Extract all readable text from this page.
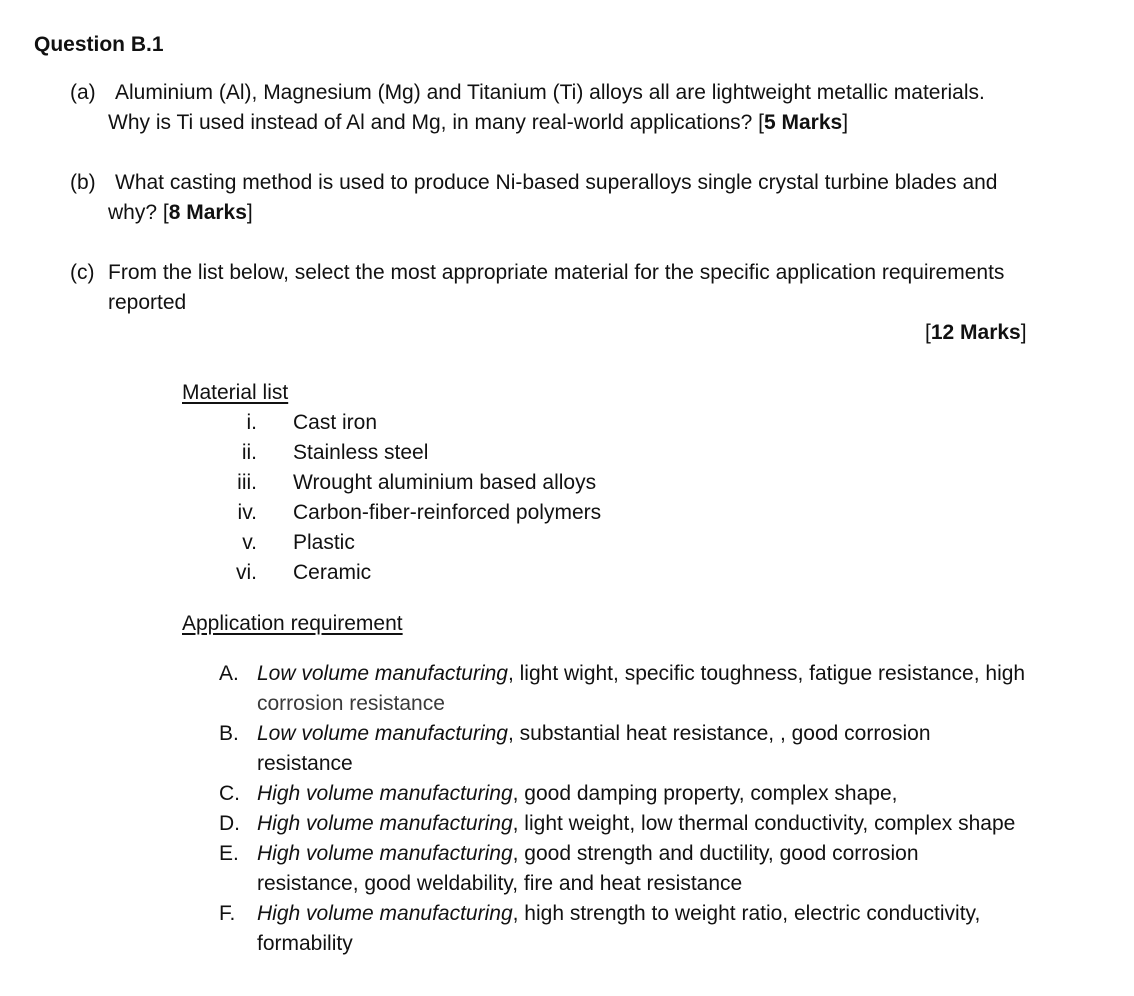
Question B.1
(a) Aluminium (Al), Magnesium (Mg) and Titanium (Ti) alloys all are lightweight metallic materials.
Why is Ti used instead of Al and Mg, in many real-world applications? [5 Marks]
(b) What casting method is used to produce Ni-based superalloys single crystal turbine blades and
why? [8 Marks]
(c) From the list below, select the most appropriate material for the specific application requirements
reported
[12 Marks]
Material list
i. Cast iron
ii. Stainless steel
iii. Wrought aluminium based alloys
iv. Carbon-fiber-reinforced polymers
v. Plastic
vi. Ceramic
Application requirement
A. Low volume manufacturing, light wight, specific toughness, fatigue resistance, high
corrosion resistance
B. Low volume manufacturing, substantial heat resistance, , good corrosion
resistance
C. High volume manufacturing, good damping property, complex shape,
D. High volume manufacturing, light weight, low thermal conductivity, complex shape
E. High volume manufacturing, good strength and ductility, good corrosion
resistance, good weldability, fire and heat resistance
F. High volume manufacturing, high strength to weight ratio, electric conductivity,
formability
